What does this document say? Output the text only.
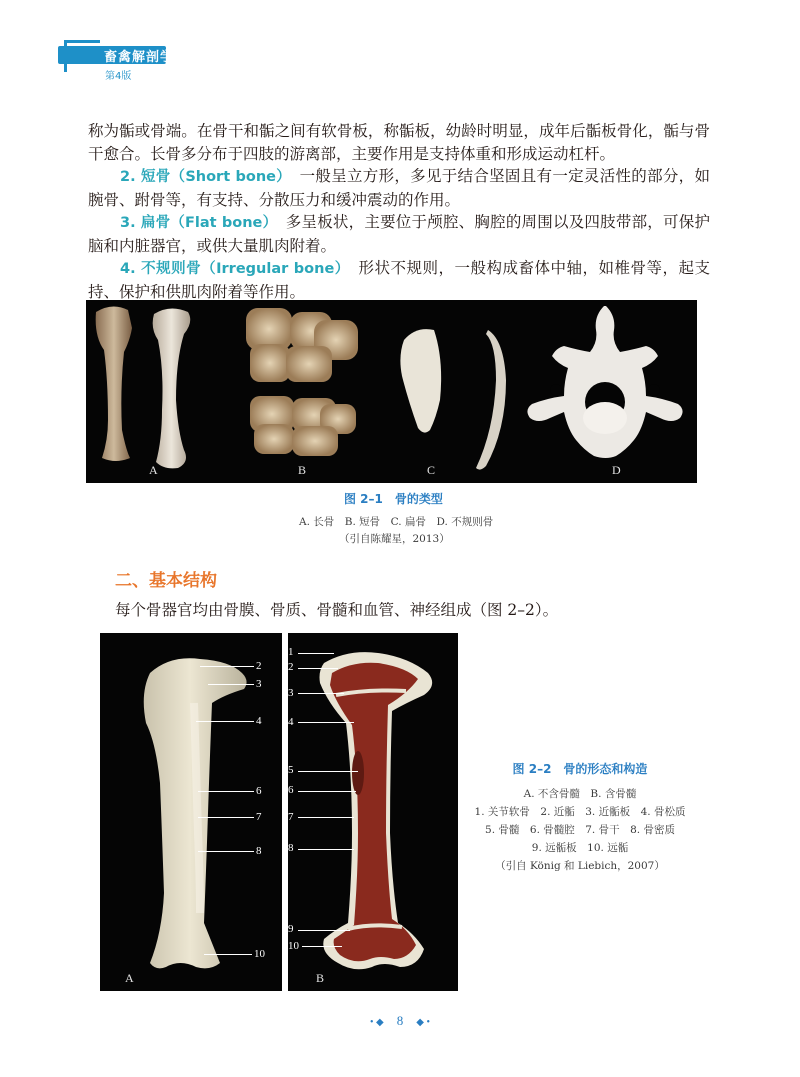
畜禽解剖学
第4版

称为骺或骨端。在骨干和骺之间有软骨板，称骺板，幼龄时明显，成年后骺板骨化，骺与骨干愈合。长骨多分布于四肢的游离部，主要作用是支持体重和形成运动杠杆。

2. 短骨（Short bone）　 一般呈立方形，多见于结合坚固且有一定灵活性的部分，如腕骨、跗骨等，有支持、分散压力和缓冲震动的作用。

3. 扁骨（Flat bone）　 多呈板状，主要位于颅腔、胸腔的周围以及四肢带部，可保护脑和内脏器官，或供大量肌肉附着。

4. 不规则骨（Irregular bone）　 形状不规则，一般构成畜体中轴，如椎骨等，起支持、保护和供肌肉附着等作用。

A	B	C	D
图 2–1　骨的类型
A. 长骨　B. 短骨　C. 扁骨　D. 不规则骨
（引自陈耀星，2013）
二、基本结构
每个骨器官均由骨膜、骨质、骨髓和血管、神经组成（图 2–2）。
2
3
4
6
7
8
10
A
1
2
3
4
5
6
7
8
9
10
B
图 2–2　骨的形态和构造
A. 不含骨髓　B. 含骨髓
1. 关节软骨　2. 近骺　3. 近骺板　4. 骨松质
5. 骨髓　6. 骨髓腔　7. 骨干　8. 骨密质
9. 远骺板　10. 远骺
（引自 König 和 Liebich，2007）
• ◆ 8 ◆ •
